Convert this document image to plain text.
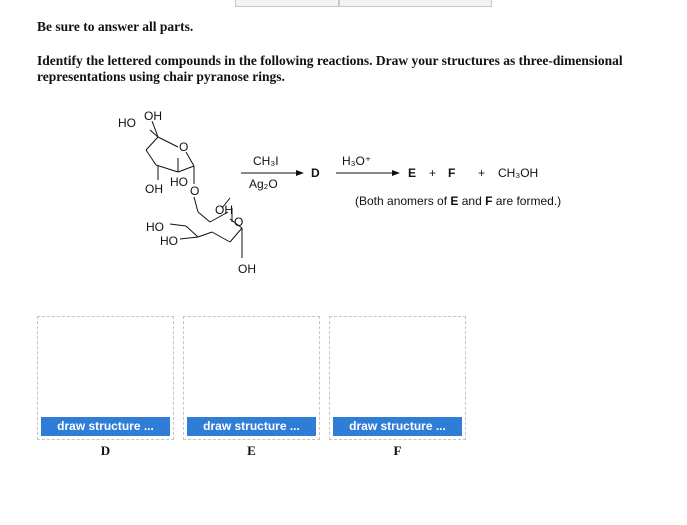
Be sure to answer all parts.
Identify the lettered compounds in the following reactions. Draw your structures as three-dimensional
representations using chair pyranose rings.
HO OH
O
OH HO
O
OH
O
HO
HO
OH
CH₃I
Ag₂O
D
H₃O⁺
E + F + CH₃OH
(Both anomers of E and F are formed.)
draw structure ...
D
draw structure ...
E
draw structure ...
F
